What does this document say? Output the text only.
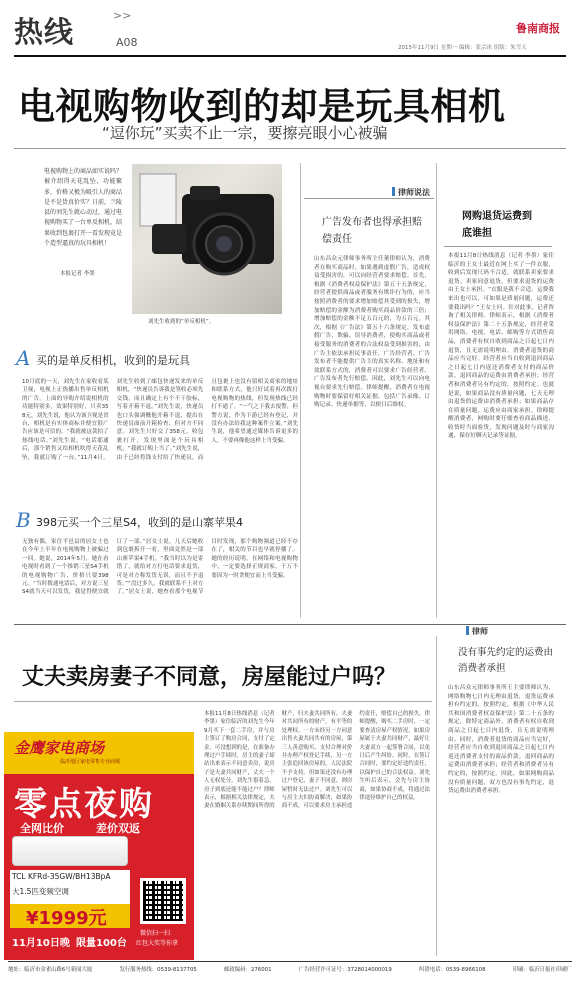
热线	>>
A08
鲁南商报
2015年11月9日 星期一 编辑：张宗冰 组版：朱雪天
电视购物收到的却是玩具相机
“逗你玩”买卖不止一宗，要擦亮眼小心被骗
电视购物上的商品如实说吗？被介绍得天花乱坠，功能繁多，价格又极为吸引人的商品是不是货真价实？日前，兰陵县的刘先生就心动过，通过电视购物买了一台单反相机，结果收到包裹打开一看发现竟是个造型逼真的玩具相机！
本报记者 李墨
刘先生收到的“单反相机”。
A 买的是单反相机，收到的是玩具
10月底的一天，刘先生在家收看某卫视，电视上正热播出售单反相机的广告。上面的导购介绍说相机的功能特别多，效果特别好，只卖358元。刘先生说，他认为该卫视是省台，相机是有实体商标并便宜很广告应该是可信的。“我就被这款拍了热线电话。”刘先生说，“电话那通后，那个销售又给相机吹得天花乱坠，我就订购了一台。”11月4日，刘先生收到了邮包快递发来的单反相机，“快递员告诉我是签收必须先交钱，而且确定上有个不干胶标，写着开箱不退。”刘先生说，快递员也口头强调概他开箱不退，提出在快递员面前开箱检查，但对方不同意。刘先生只好交了358元，收包裹打开，发现里面是个玩具相机。“我就订购上当了。”刘先生说，由于已经将钱支付给了快递员，而且包裹上也没有留相关商家的地址和联系方式，他只好试着再次拨打电视购物的热线，但发现热线已经打不通了。“一气之下我去报警，但警方说，作为下游已经有登记，并没有办法给我这种案件立案。”刘先生说，他希望通过媒体告诉更多的人，不要再像他这样上当受骗。
B 398元买一个三星S4，收到的是山寨苹果4
无独有偶，家住平邑县的居女士也在今年上半年在电视购物上被骗过一回。她说，2014年5月，她在看电视时看到了一个推销三星S4手机的电视购物广告，价格只要398元。“当时拨通电话后，对方说三星S4就当天可以发货，我觉得便宜就订了一部。”居女士说，几天后她收到包裹拆开一看，里面竟然是一部山寨苹果4手机。“我当时以为是寄错了，就给对方打电话要求退货，可是对方称发货无误，而且不予退货。”“没过多久，我就联系不上对方了。”居女士说，她查看那个电视节目时发现，那个购物频道已经不存在了，相关的节目也早就停播了。她的经历说明，在网络和电视购物中，一定要选择正规商家，千万不要因为一时贪便宜而上当受骗。
律师说法
广告发布者也得承担赔偿责任
山东昌众元律师事务所主任董律师认为，消费者在购买商品时，如果遇到虚假广告，造成权益受损害的，可以向经营者要求赔偿。首先，根据《消费者权益保护法》第五十五条规定，经营者提供商品或者服务有欺诈行为的，应当按照消费者的要求增加赔偿其受到的损失，增加赔偿的金额为消费者购买商品价款的三倍；增加赔偿的金额不足五百元的，为五百元。其次，根据《广告法》第五十六条规定，发布虚假广告，欺骗、误导消费者，使购买商品或者接受服务的消费者的合法权益受到损害的，由广告主依法承担民事责任。广告经营者、广告发布者不能提供广告主的真实名称、地址和有效联系方式的，消费者可以要求广告经营者、广告发布者先行赔偿。因此，刘先生可以向电视台要求先行赔偿。律师提醒，消费者在电视购物时要保留好相关证据，包括广告录像、订购记录、快递单据等，以便日后维权。
网购退货运费到底谁担
本报11月8日热线消息（记者 李墨）家住临沂的王女士最近在网上买了一件衣服，收到后发现尺码不合适，就联系卖家要求退货。卖家同意退货，但要求退货的运费由王女士承担。“衣服是我不合适，运费我来出也可以，可如果是质量问题，运费还要我出吗？”王女士问。针对此事，记者咨询了相关律师。律师表示，根据《消费者权益保护法》第二十五条规定，经营者采用网络、电视、电话、邮购等方式销售商品，消费者有权自收到商品之日起七日内退货，且无需说明理由。消费者退货的商品应当完好。经营者应当自收到退回商品之日起七日内返还消费者支付的商品价款。退回商品的运费由消费者承担；经营者和消费者另有约定的，按照约定。也就是说，如果商品没有质量问题，七天无理由退货的运费由消费者承担；如果商品存在质量问题，运费应由商家承担。律师提醒消费者，网购时要仔细查看商品描述，收货时当面验货，发现问题及时与商家沟通，保存好聊天记录等证据。
丈夫卖房妻子不同意，房屋能过户吗？
本报11月8日热线消息（记者 李墨）家住临沂的刘先生今年9月买下一套二手房，并与房主签订了购房合同，支付了定金。可没想到的是，在准备办理过户手续时，房主的妻子却站出来表示不同意卖房，说房子是夫妻共同财产，丈夫一个人无权处分。刘先生很着急，房子到底还能不能过户？律师表示，根据相关法律规定，夫妻在婚姻关系存续期间所得的财产，归夫妻共同所有。夫妻对共同所有的财产，有平等的处理权。一方未经另一方同意出售夫妻共同共有的房屋，第三人善意购买、支付合理对价并办理产权登记手续，另一方主张追回该房屋的，人民法院不予支持。但如果还没有办理过户登记，妻子不同意，则房屋暂时无法过户。刘先生可以与房主夫妇协商解决，如果协商不成，可以要求房主承担违约责任，赔偿自己的损失。律师提醒，购买二手房时，一定要查清房屋产权情况，如果房屋属于夫妻共同财产，最好让夫妻双方一起签署合同，以免日后产生纠纷。同时，在签订合同时，要约定好违约责任，以保护自己的合法权益。刘先生听后表示，会先与房主协商，如果协商不成，将通过法律途径维护自己的权益。
律师
没有事先约定的运费由消费者承担
山东昌众元律师事务所王主要律师认为，网络购物七日内无理由退货，退货运费承担有约定的，按照约定。根据《中华人民共和国消费者权益保护法》第二十五条的规定，除特定商品外，消费者有权自收到商品之日起七日内退货，且无需说明理由。同时，消费者退货的商品应当完好，经营者应当自收到退回商品之日起七日内返还消费者支付的商品价款。退回商品的运费由消费者承担；经营者和消费者另有约定的，按照约定。因此，如果网购商品没有质量问题，双方也没有事先约定，退货运费由消费者承担。
金鹰家电商场
临沂地区家电零售专业商城
零点夜购
全网比价	差价双返
TCL KFRd-35GW/BH13BpA
大1.5匹变频空调
¥1999元
11月10日晚 限量100台
微信扫一扫
红包大奖等你拿
地址：临沂市金雀山路6号新闻大厦	发行服务热线：0539-8137705	邮政编码：276001	广告经营许可证号：3728014000019	纠错电话：0539-8966108	印刷：临沂日报社印刷厂
